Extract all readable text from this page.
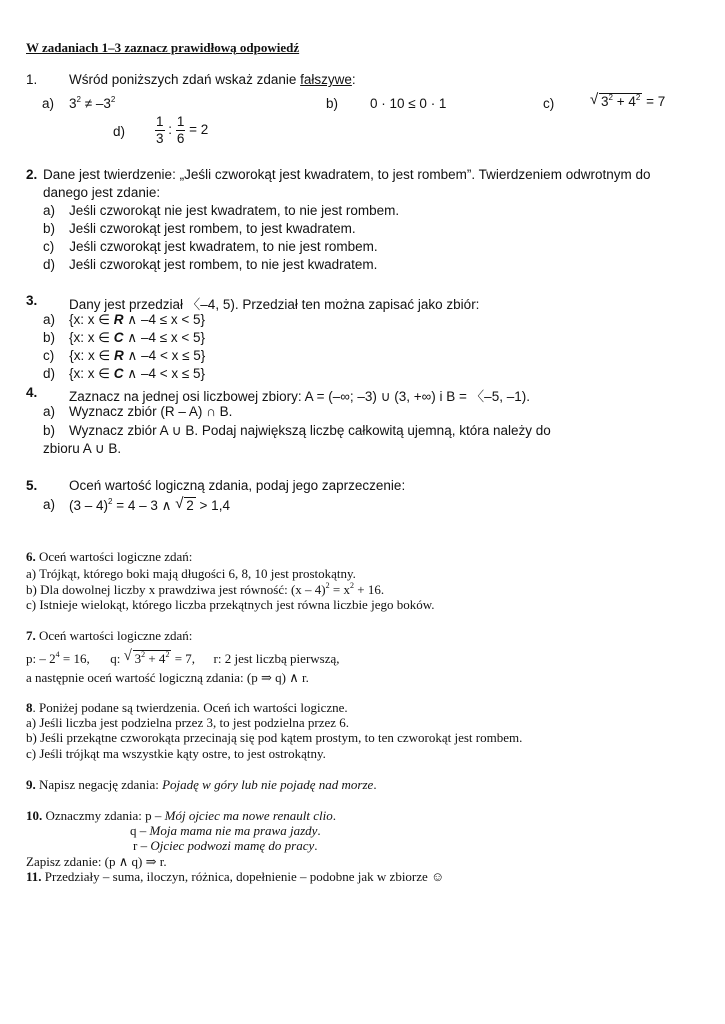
W zadaniach 1–3 zaznacz prawidłową odpowiedź
1. Wśród poniższych zdań wskaż zdanie fałszywe:
a) $3^2 \ne -3^2$	b) 0 · 10 ≤ 0 · 1	c) √ $3^2 + 4^2 = 7$
$d) \frac{1}{3}$ : $\frac{1}{6} = 2$
2. Dane jest twierdzenie: „Jeśli czworokąt jest kwadratem, to jest rombem”. Twierdzeniem odwrotnym do
danego jest zdanie:
a) Jeśli czworokąt nie jest kwadratem, to nie jest rombem.
b) Jeśli czworokąt jest rombem, to jest kwadratem.
c) Jeśli czworokąt jest kwadratem, to nie jest rombem.
d) Jeśli czworokąt jest rombem, to nie jest kwadratem.
3. Dany jest przedział 〈–4, 5). Przedział ten można zapisać jako zbiór:
a) {x: x ∈ R ∧ –4 ≤ x < 5}
b) {x: x ∈ C ∧ –4 ≤ x < 5}
c) {x: x ∈ R ∧ –4 < x ≤ 5}
d) {x: x ∈ C ∧ –4 < x ≤ 5}
4. Zaznacz na jednej osi liczbowej zbiory: A = (–∞; –3) ∪ (3, +∞) i B = 〈–5, –1).
a) Wyznacz zbiór (R – A) ∩ B.
b) Wyznacz zbiór A ∪ B. Podaj największą liczbę całkowitą ujemną, która należy do
zbioru A ∪ B.
5. Oceń wartość logiczną zdania, podaj jego zaprzeczenie:
a) (3 – 4)$^2$ = 4 – 3 ∧ √ 2 > 1,4
6. Oceń wartości logiczne zdań:
a) Trójkąt, którego boki mają długości 6, 8, 10 jest prostokątny.
b) Dla dowolnej liczby x prawdziwa jest równość: $(x - 4)^2 = x^2 + 16$.
c) Istnieje wielokąt, którego liczba przekątnych jest równa liczbie jego boków.
7. Oceń wartości logiczne zdań:
p: – $2^4 = 16$, q: √ $3^2 + 4^2 = 7$, r: 2 jest liczbą pierwszą,
a następnie oceń wartość logiczną zdania: (p ⇒ q) ∧ r.
8. Poniżej podane są twierdzenia. Oceń ich wartości logiczne.
a) Jeśli liczba jest podzielna przez 3, to jest podzielna przez 6.
b) Jeśli przekątne czworokąta przecinają się pod kątem prostym, to ten czworokąt jest rombem.
c) Jeśli trójkąt ma wszystkie kąty ostre, to jest ostrokątny.
9. Napisz negację zdania: Pojadę w góry lub nie pojadę nad morze.
10. Oznaczmy zdania: p – Mój ojciec ma nowe renault clio.
q – Moja mama nie ma prawa jazdy.
r – Ojciec podwozi mamę do pracy.
Zapisz zdanie: (p ∧ q) ⇒ r.
11. Przedziały – suma, iloczyn, różnica, dopełnienie – podobne jak w zbiorze ☺
